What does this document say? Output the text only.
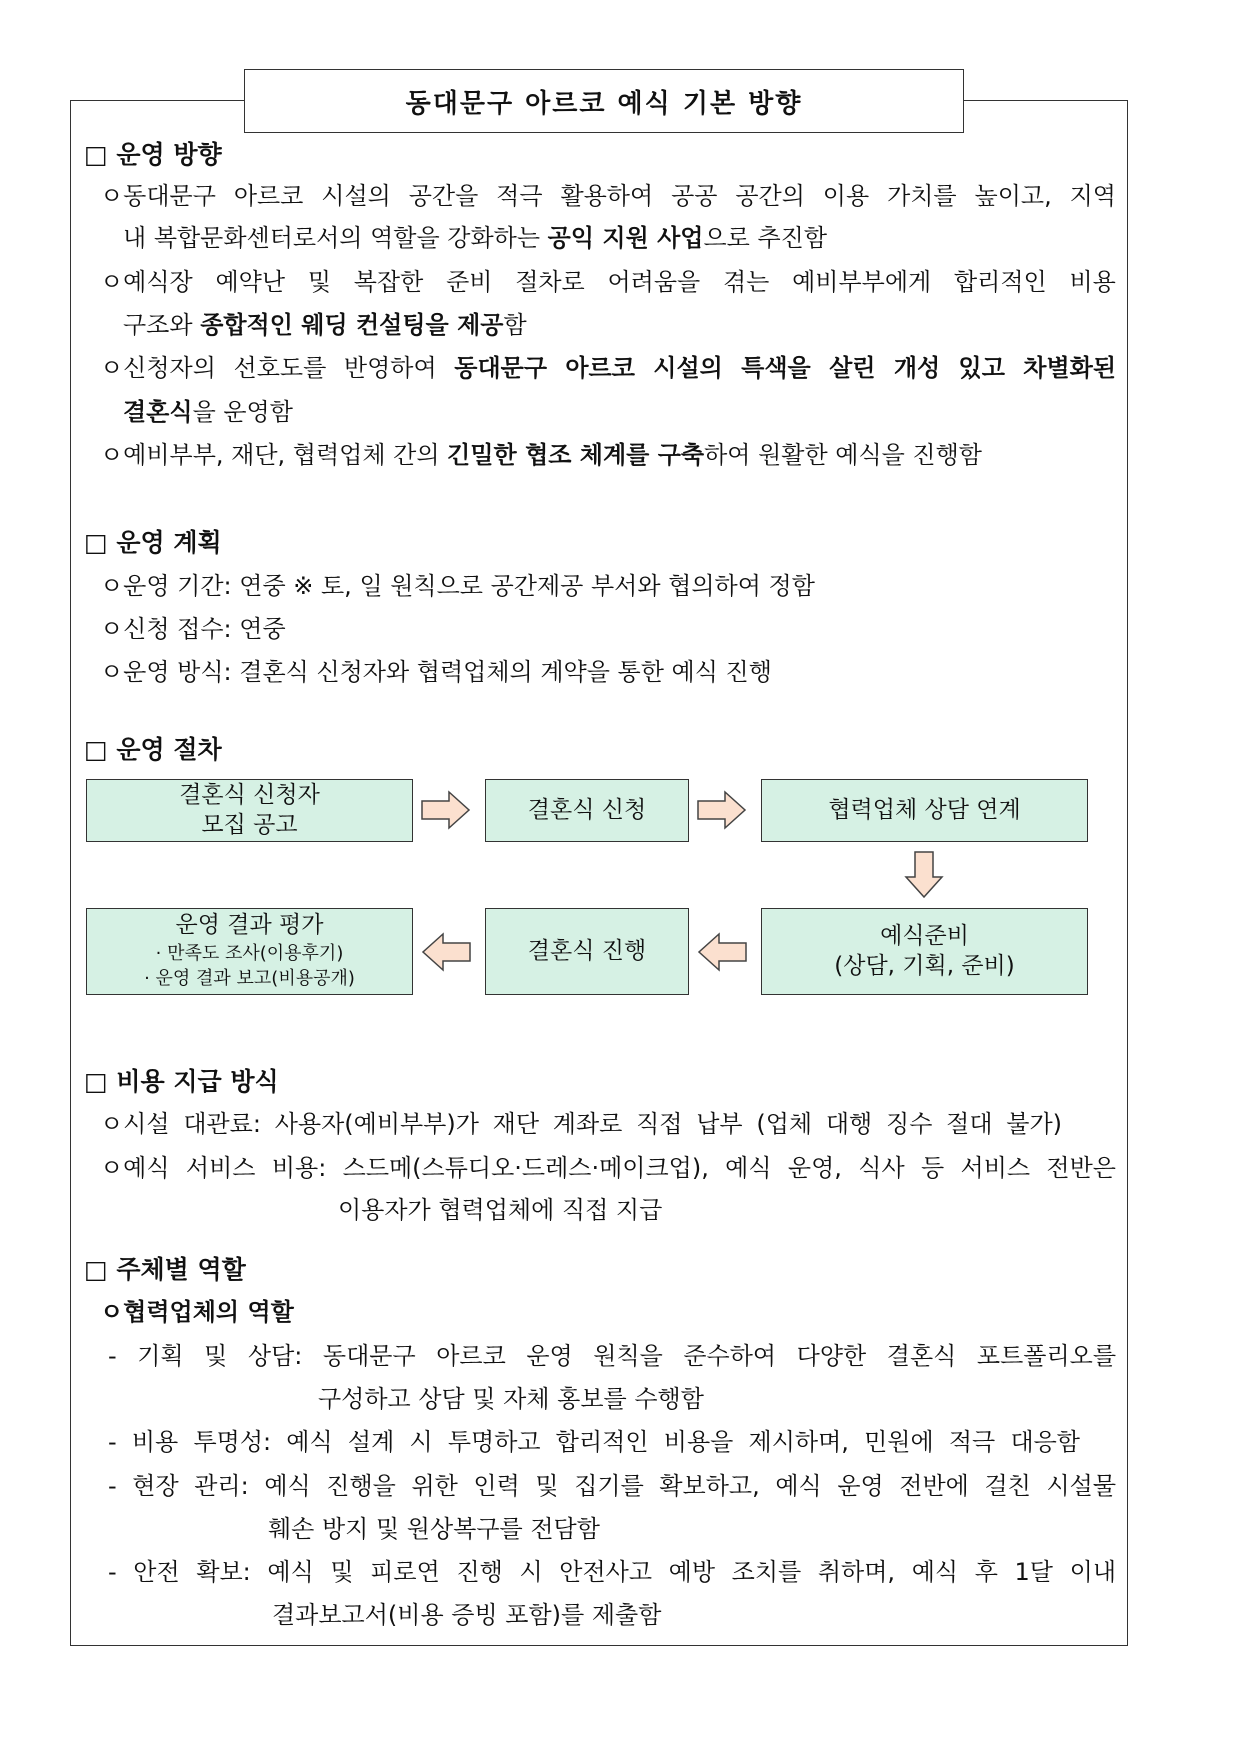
동대문구 아르코 예식 기본 방향
□ 운영 방향
ㅇ동대문구 아르코 시설의 공간을 적극 활용하여 공공 공간의 이용 가치를 높이고, 지역
내 복합문화센터로서의 역할을 강화하는 공익 지원 사업으로 추진함
ㅇ예식장 예약난 및 복잡한 준비 절차로 어려움을 겪는 예비부부에게 합리적인 비용
구조와 종합적인 웨딩 컨설팅을 제공함
ㅇ신청자의 선호도를 반영하여 동대문구 아르코 시설의 특색을 살린 개성 있고 차별화된
결혼식을 운영함
ㅇ예비부부, 재단, 협력업체 간의 긴밀한 협조 체계를 구축하여 원활한 예식을 진행함
□ 운영 계획
ㅇ운영 기간: 연중 ※ 토, 일 원칙으로 공간제공 부서와 협의하여 정함
ㅇ신청 접수: 연중
ㅇ운영 방식: 결혼식 신청자와 협력업체의 계약을 통한 예식 진행
□ 운영 절차
결혼식 신청자
모집 공고
결혼식 신청	협력업체 상담 연계
예식준비
(상담, 기획, 준비)
결혼식 진행
운영 결과 평가
· 만족도 조사(이용후기)
· 운영 결과 보고(비용공개)
□ 비용 지급 방식
ㅇ시설 대관료: 사용자(예비부부)가 재단 계좌로 직접 납부 (업체 대행 징수 절대 불가)
ㅇ예식 서비스 비용: 스드메(스튜디오·드레스·메이크업), 예식 운영, 식사 등 서비스 전반은
이용자가 협력업체에 직접 지급
□ 주체별 역할
ㅇ협력업체의 역할
- 기획 및 상담: 동대문구 아르코 운영 원칙을 준수하여 다양한 결혼식 포트폴리오를
구성하고 상담 및 자체 홍보를 수행함
- 비용 투명성: 예식 설계 시 투명하고 합리적인 비용을 제시하며, 민원에 적극 대응함
- 현장 관리: 예식 진행을 위한 인력 및 집기를 확보하고, 예식 운영 전반에 걸친 시설물
훼손 방지 및 원상복구를 전담함
- 안전 확보: 예식 및 피로연 진행 시 안전사고 예방 조치를 취하며, 예식 후 1달 이내
결과보고서(비용 증빙 포함)를 제출함
